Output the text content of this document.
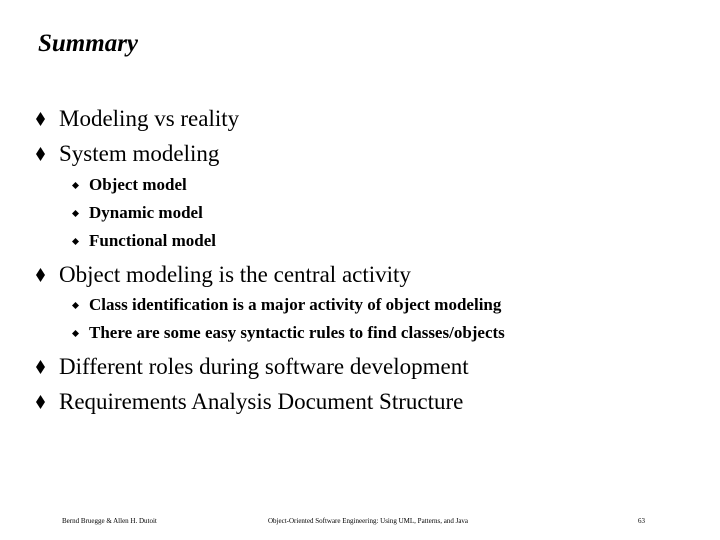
Summary
Modeling vs reality
System modeling
Object model
Dynamic model
Functional model
Object modeling is the central activity
Class identification is a major activity of object modeling
There are some easy syntactic rules to find classes/objects
Different roles during software development
Requirements Analysis Document Structure
Bernd Bruegge & Allen H. Dutoit	Object-Oriented Software Engineering: Using UML, Patterns, and Java	63
